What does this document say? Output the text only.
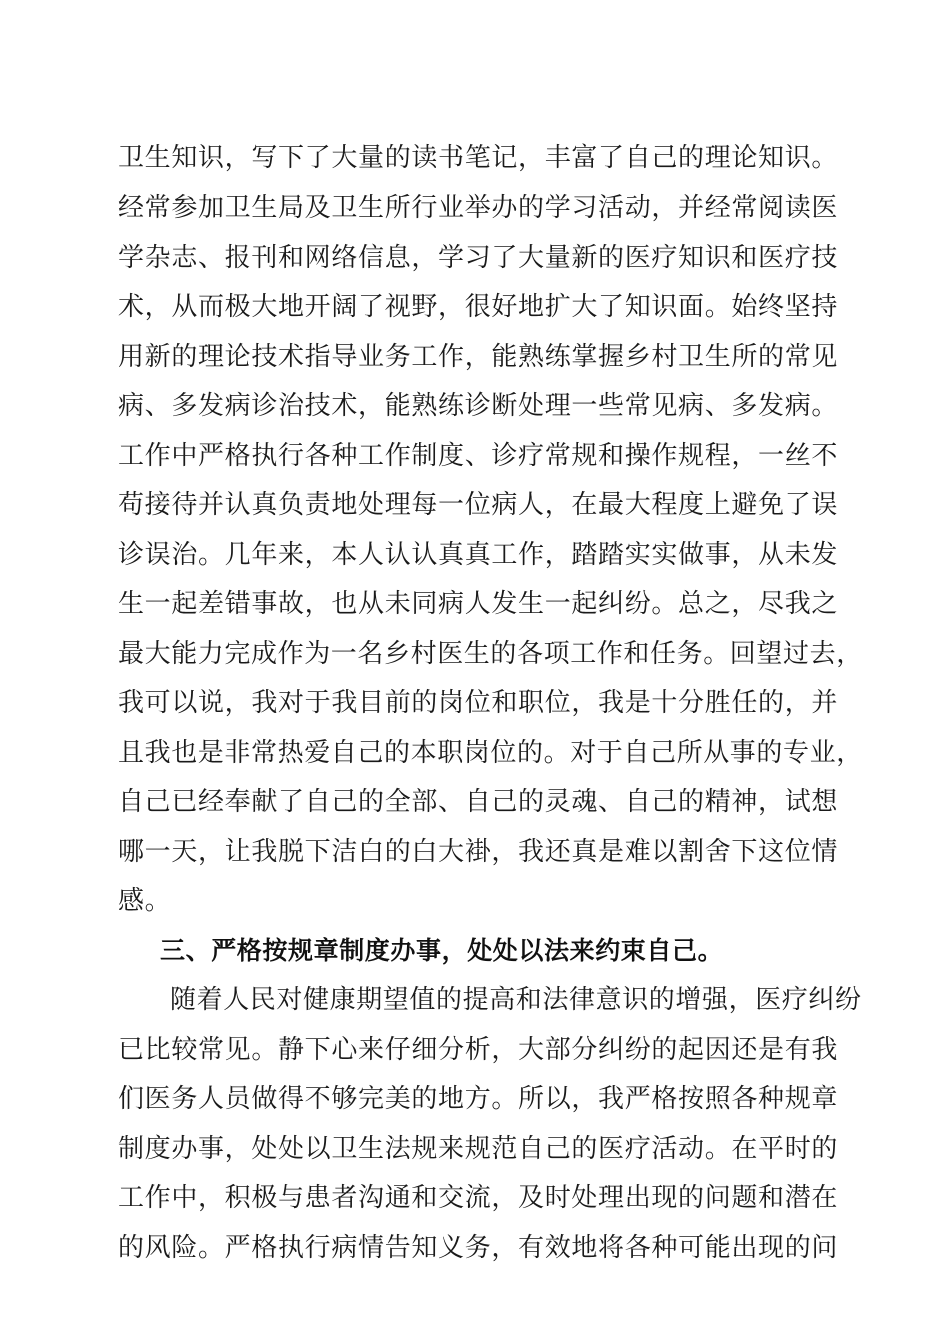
卫生知识，写下了大量的读书笔记，丰富了自己的理论知识。
经常参加卫生局及卫生所行业举办的学习活动，并经常阅读医
学杂志、报刊和网络信息，学习了大量新的医疗知识和医疗技
术，从而极大地开阔了视野，很好地扩大了知识面。始终坚持
用新的理论技术指导业务工作，能熟练掌握乡村卫生所的常见
病、多发病诊治技术，能熟练诊断处理一些常见病、多发病。
工作中严格执行各种工作制度、诊疗常规和操作规程，一丝不
苟接待并认真负责地处理每一位病人，在最大程度上避免了误
诊误治。几年来，本人认认真真工作，踏踏实实做事，从未发
生一起差错事故，也从未同病人发生一起纠纷。总之，尽我之
最大能力完成作为一名乡村医生的各项工作和任务。回望过去，
我可以说，我对于我目前的岗位和职位，我是十分胜任的，并
且我也是非常热爱自己的本职岗位的。对于自己所从事的专业，
自己已经奉献了自己的全部、自己的灵魂、自己的精神，试想
哪一天，让我脱下洁白的白大褂，我还真是难以割舍下这位情
感。
三、严格按规章制度办事，处处以法来约束自己。
随着人民对健康期望值的提高和法律意识的增强，医疗纠纷
已比较常见。静下心来仔细分析，大部分纠纷的起因还是有我
们医务人员做得不够完美的地方。所以，我严格按照各种规章
制度办事，处处以卫生法规来规范自己的医疗活动。在平时的
工作中，积极与患者沟通和交流，及时处理出现的问题和潜在
的风险。严格执行病情告知义务，有效地将各种可能出现的问
